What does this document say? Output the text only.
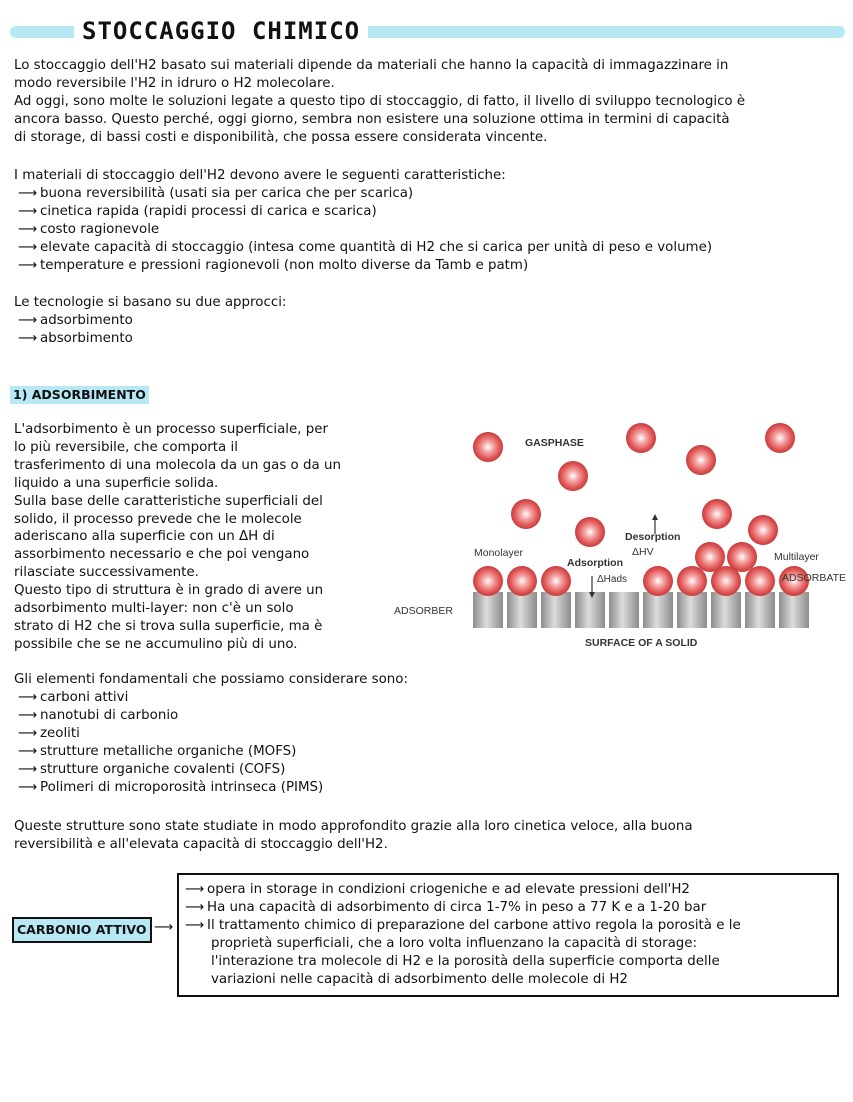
STOCCAGGIO CHIMICO
Lo stoccaggio dell'H2 basato sui materiali dipende da materiali che hanno la capacità di immagazzinare in
modo reversibile l'H2 in idruro o H2 molecolare.
Ad oggi, sono molte le soluzioni legate a questo tipo di stoccaggio, di fatto, il livello di sviluppo tecnologico è
ancora basso. Questo perché, oggi giorno, sembra non esistere una soluzione ottima in termini di capacità
di storage, di bassi costi e disponibilità, che possa essere considerata vincente.
I materiali di stoccaggio dell'H2 devono avere le seguenti caratteristiche:
⟶ buona reversibilità (usati sia per carica che per scarica)
⟶ cinetica rapida (rapidi processi di carica e scarica)
⟶ costo ragionevole
⟶ elevate capacità di stoccaggio (intesa come quantità di H2 che si carica per unità di peso e volume)
⟶ temperature e pressioni ragionevoli (non molto diverse da Tamb e patm)
Le tecnologie si basano su due approcci:
⟶ adsorbimento
⟶ absorbimento
1) ADSORBIMENTO
L'adsorbimento è un processo superficiale, per
lo più reversibile, che comporta il
trasferimento di una molecola da un gas o da un
liquido a una superficie solida.
Sulla base delle caratteristiche superficiali del
solido, il processo prevede che le molecole
aderiscano alla superficie con un ΔH di
assorbimento necessario e che poi vengano
rilasciate successivamente.
Questo tipo di struttura è in grado di avere un
adsorbimento multi-layer: non c'è un solo
strato di H2 che si trova sulla superficie, ma è
possibile che se ne accumulino più di uno.
GASPHASE
Desorption
ΔHV
Monolayer
Adsorption
ΔHads
Multilayer
ADSORBATE
ADSORBER
SURFACE OF A SOLID
Gli elementi fondamentali che possiamo considerare sono:
⟶ carboni attivi
⟶ nanotubi di carbonio
⟶ zeoliti
⟶ strutture metalliche organiche (MOFS)
⟶ strutture organiche covalenti (COFS)
⟶ Polimeri di microporosità intrinseca (PIMS)
Queste strutture sono state studiate in modo approfondito grazie alla loro cinetica veloce, alla buona
reversibilità e all'elevata capacità di stoccaggio dell'H2.
CARBONIO ATTIVO ⟶
⟶ opera in storage in condizioni criogeniche e ad elevate pressioni dell'H2
⟶ Ha una capacità di adsorbimento di circa 1-7% in peso a 77 K e a 1-20 bar
⟶ Il trattamento chimico di preparazione del carbone attivo regola la porosità e le
proprietà superficiali, che a loro volta influenzano la capacità di storage:
l'interazione tra molecole di H2 e la porosità della superficie comporta delle
variazioni nelle capacità di adsorbimento delle molecole di H2
